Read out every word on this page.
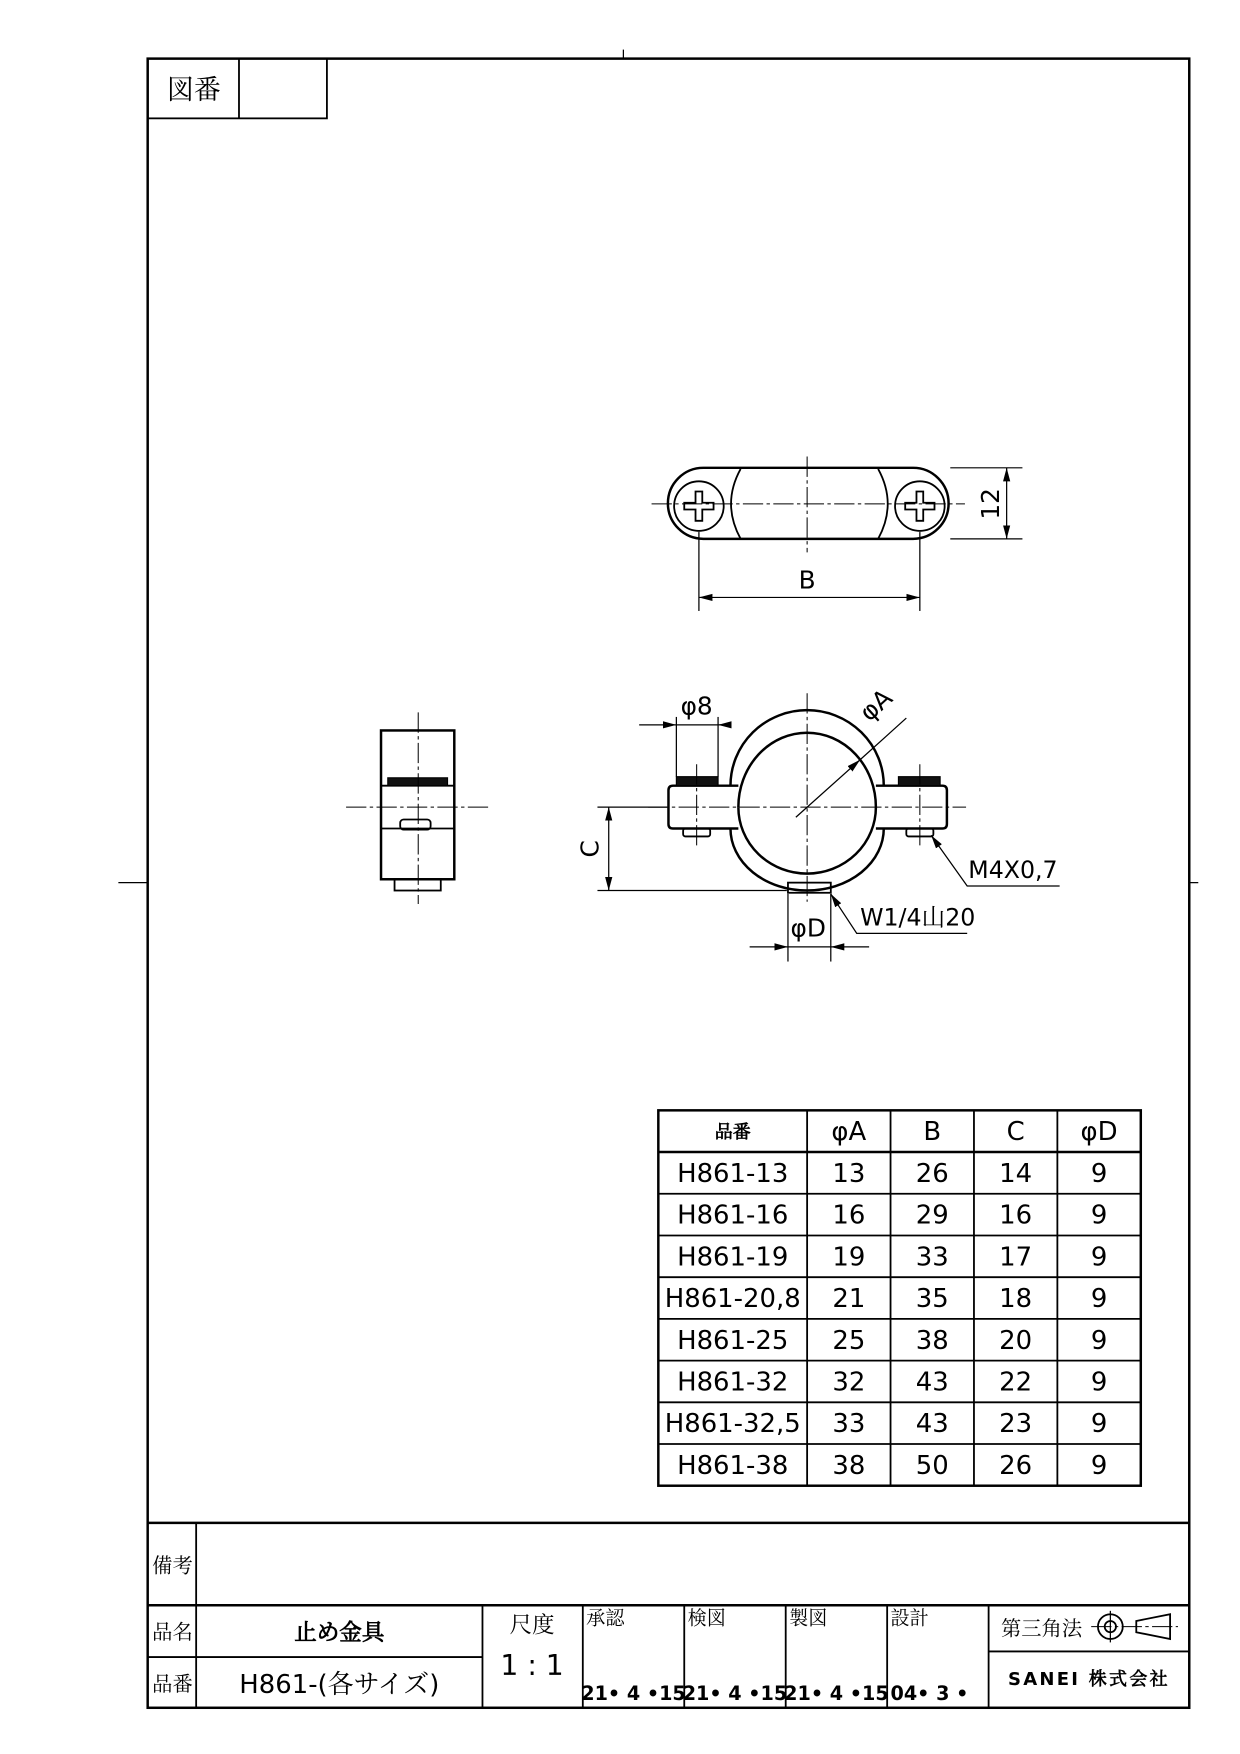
図番
12
B
φ8	φA
C
φD W1/4山20
M4X0,7
品番	φA B	C φD
H861-13 13 26 14	9
H861-16 16 29 16	9
H861-19 19 33 17	9
H861-20,8 21 35 18	9
H861-25 25 38 20	9
H861-32 32 43 22	9
H861-32,5 33 43 23	9
H861-38 38 50 26	9
備考
品名
品番
止め金具
H861-(各サイズ)
尺度
1 : 1
承認
21• 4 •15
検図
21• 4 •15
製図
21• 4 •15
設計
04• 3 •
第三角法
SANEI 株式会社
